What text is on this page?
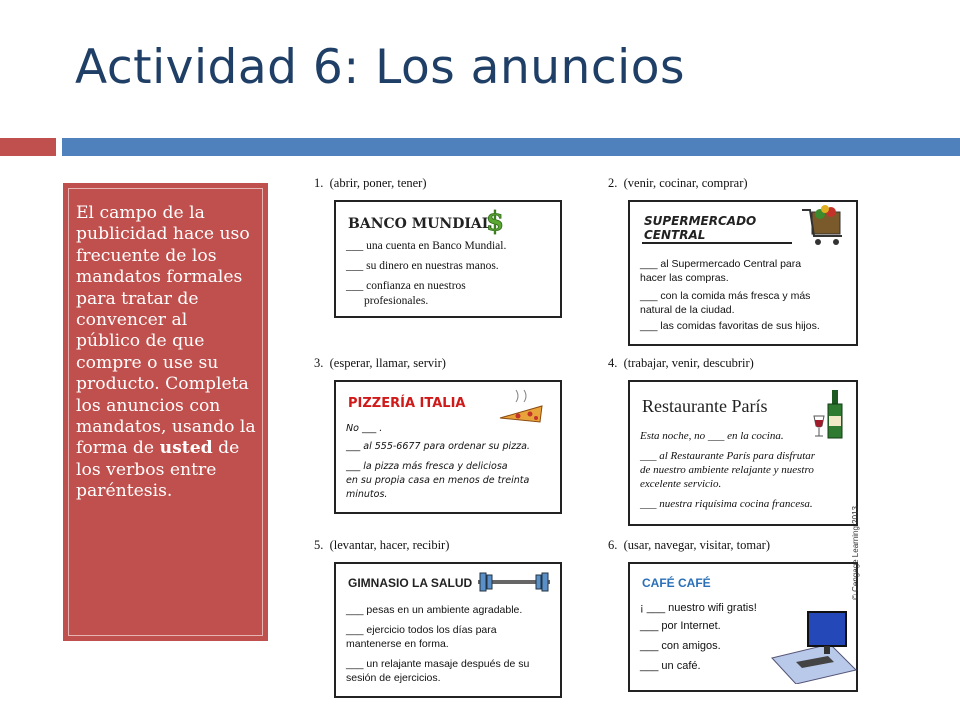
Actividad 6: Los anuncios
El campo de la publicidad hace uso frecuente de los mandatos formales para tratar de convencer al público de que compre o use su producto. Completa los anuncios con mandatos, usando la forma de usted de los verbos entre paréntesis.
1. (abrir, poner, tener)
BANCO MUNDIAL
$
___ una cuenta en Banco Mundial.
___ su dinero en nuestras manos.
___ confianza en nuestros
profesionales.
2. (venir, cocinar, comprar)
SUPERMERCADO
CENTRAL
___ al Supermercado Central para
hacer las compras.
___ con la comida más fresca y más
natural de la ciudad.
___ las comidas favoritas de sus hijos.
3. (esperar, llamar, servir)
PIZZERÍA ITALIA
No ___ .
___ al 555-6677 para ordenar su pizza.
___ la pizza más fresca y deliciosa
en su propia casa en menos de treinta
minutos.
4. (trabajar, venir, descubrir)
Restaurante París
Esta noche, no ___ en la cocina.
___ al Restaurante París para disfrutar
de nuestro ambiente relajante y nuestro
excelente servicio.
___ nuestra riquísima cocina francesa.
5. (levantar, hacer, recibir)
GIMNASIO LA SALUD
___ pesas en un ambiente agradable.
___ ejercicio todos los días para
mantenerse en forma.
___ un relajante masaje después de su
sesión de ejercicios.
6. (usar, navegar, visitar, tomar)
CAFÉ CAFÉ
¡ ___ nuestro wifi gratis!
___ por Internet.
___ con amigos.
___ un café.
© Cengage Learning 2013
